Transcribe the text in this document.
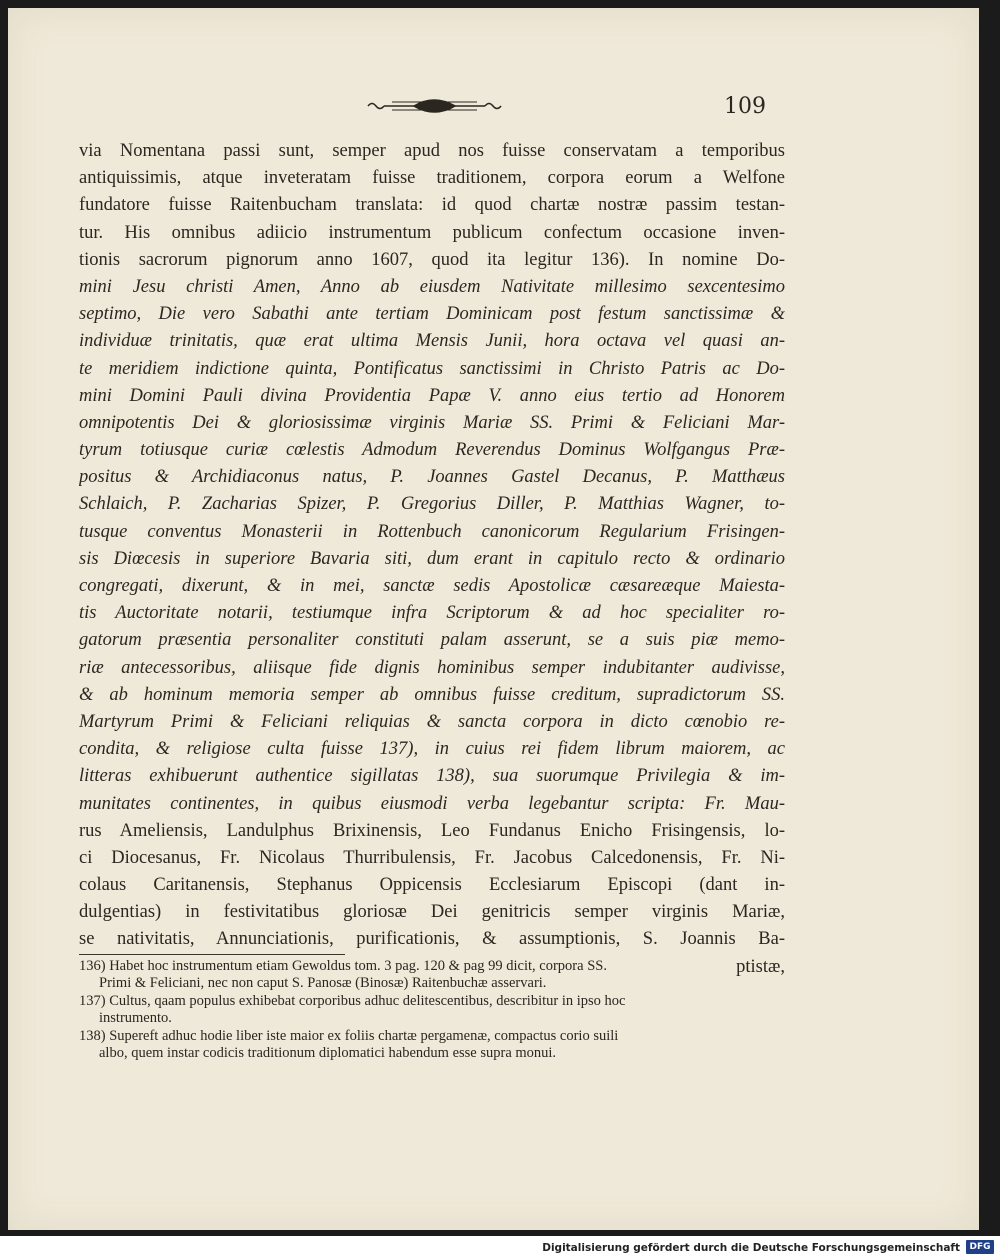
109
via Nomentana passi sunt, semper apud nos fuisse conservatam a temporibus
antiquissimis, atque inveteratam fuisse traditionem, corpora eorum a Welfone
fundatore fuisse Raitenbucham translata: id quod chartæ nostræ passim testan-
tur. His omnibus adiicio instrumentum publicum confectum occasione inven-
tionis sacrorum pignorum anno 1607, quod ita legitur 136). In nomine Do-
mini Jesu christi Amen, Anno ab eiusdem Nativitate millesimo sexcentesimo
septimo, Die vero Sabathi ante tertiam Dominicam post festum sanctissimæ &
individuæ trinitatis, quæ erat ultima Mensis Junii, hora octava vel quasi an-
te meridiem indictione quinta, Pontificatus sanctissimi in Christo Patris ac Do-
mini Domini Pauli divina Providentia Papæ V. anno eius tertio ad Honorem
omnipotentis Dei & gloriosissimæ virginis Mariæ SS. Primi & Feliciani Mar-
tyrum totiusque curiæ cœlestis Admodum Reverendus Dominus Wolfgangus Præ-
positus & Archidiaconus natus, P. Joannes Gastel Decanus, P. Matthæus
Schlaich, P. Zacharias Spizer, P. Gregorius Diller, P. Matthias Wagner, to-
tusque conventus Monasterii in Rottenbuch canonicorum Regularium Frisingen-
sis Diœcesis in superiore Bavaria siti, dum erant in capitulo recto & ordinario
congregati, dixerunt, & in mei, sanctæ sedis Apostolicæ cæsareæque Maiesta-
tis Auctoritate notarii, testiumque infra Scriptorum & ad hoc specialiter ro-
gatorum præsentia personaliter constituti palam asserunt, se a suis piæ memo-
riæ antecessoribus, aliisque fide dignis hominibus semper indubitanter audivisse,
& ab hominum memoria semper ab omnibus fuisse creditum, supradictorum SS.
Martyrum Primi & Feliciani reliquias & sancta corpora in dicto cœnobio re-
condita, & religiose culta fuisse 137), in cuius rei fidem librum maiorem, ac
litteras exhibuerunt authentice sigillatas 138), sua suorumque Privilegia & im-
munitates continentes, in quibus eiusmodi verba legebantur scripta: Fr. Mau-
rus Ameliensis, Landulphus Brixinensis, Leo Fundanus Enicho Frisingensis, lo-
ci Diocesanus, Fr. Nicolaus Thurribulensis, Fr. Jacobus Calcedonensis, Fr. Ni-
colaus Caritanensis, Stephanus Oppicensis Ecclesiarum Episcopi (dant in-
dulgentias) in festivitatibus gloriosæ Dei genitricis semper virginis Mariæ,
se nativitatis, Annunciationis, purificationis, & assumptionis, S. Joannis Ba-
ptistæ,
136) Habet hoc instrumentum etiam Gewoldus tom. 3 pag. 120 & pag 99 dicit, corpora SS.
Primi & Feliciani, nec non caput S. Panosæ (Binosæ) Raitenbuchæ asservari.
137) Cultus, qaam populus exhibebat corporibus adhuc delitescentibus, describitur in ipso hoc
instrumento.
138) Supereft adhuc hodie liber iste maior ex foliis chartæ pergamenæ, compactus corio suili
albo, quem instar codicis traditionum diplomatici habendum esse supra monui.
Digitalisierung gefördert durch die Deutsche Forschungsgemeinschaft	DFG
